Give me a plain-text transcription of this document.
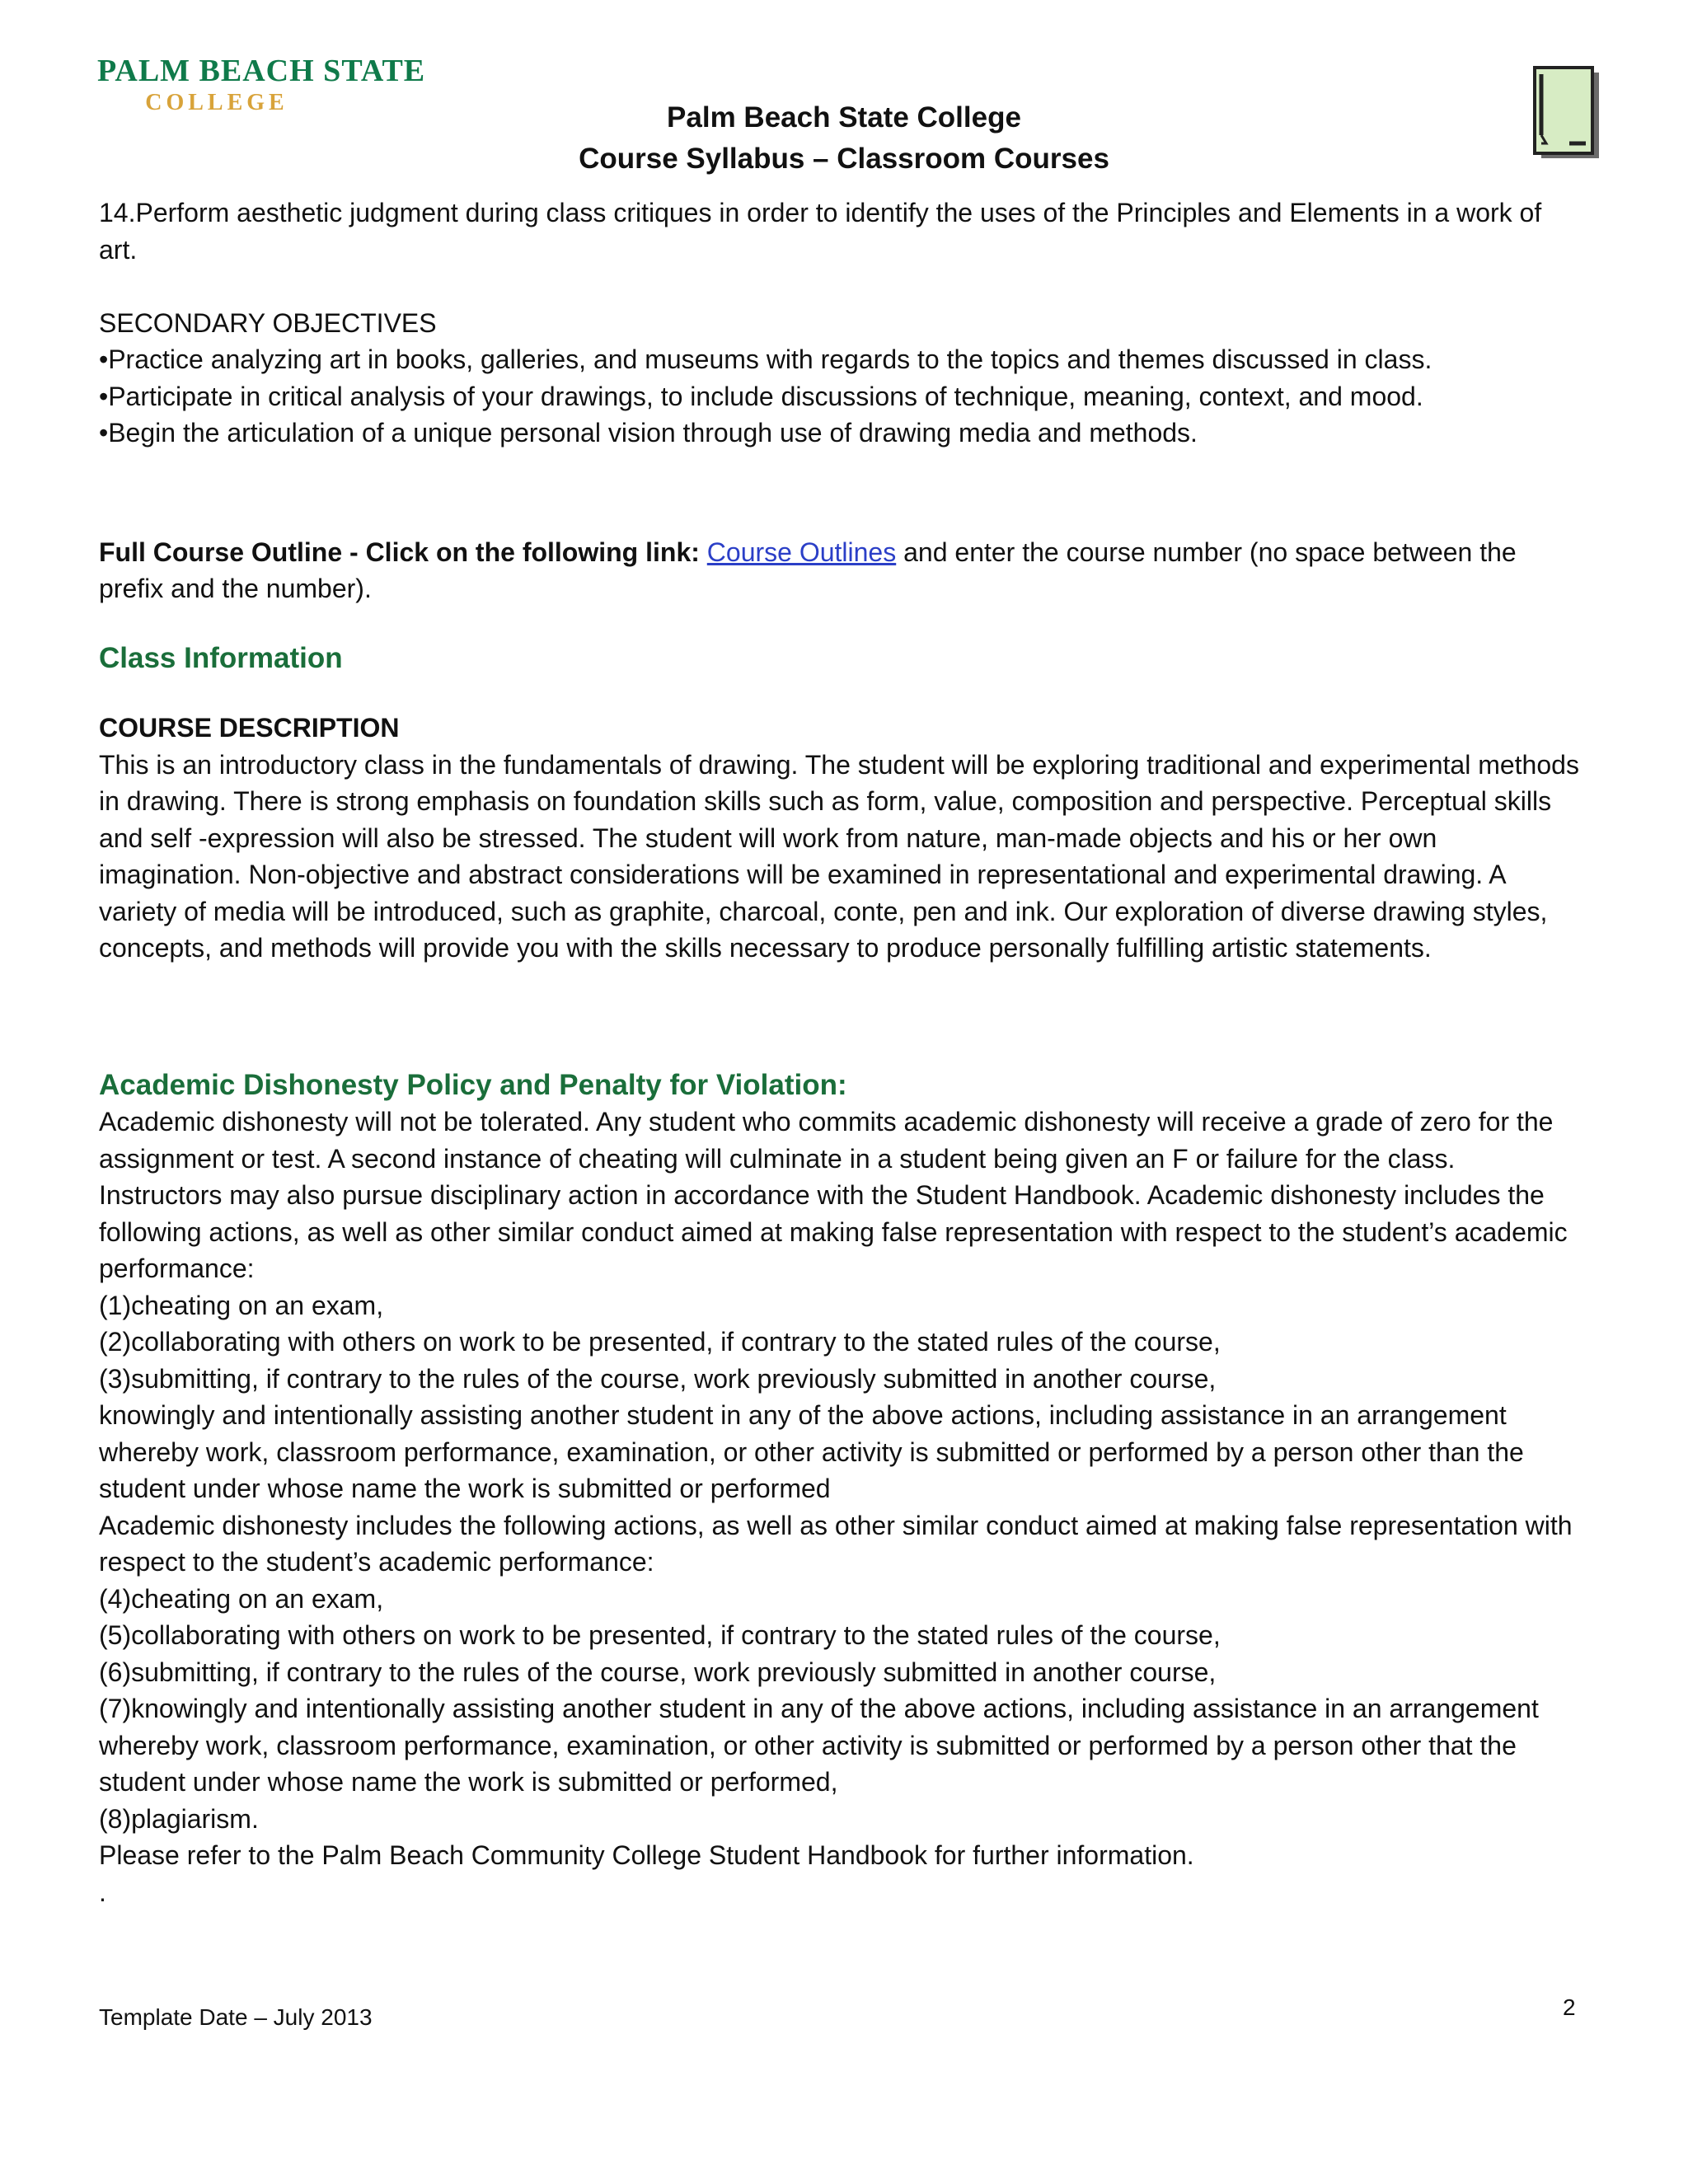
PALM BEACH STATE
COLLEGE	Palm Beach State College
Course Syllabus – Classroom Courses

14.Perform aesthetic judgment during class critiques in order to identify the uses of the Principles and Elements in a work of art.

SECONDARY OBJECTIVES

•Practice analyzing art in books, galleries, and museums with regards to the topics and themes discussed in class.

•Participate in critical analysis of your drawings, to include discussions of technique, meaning, context, and mood.

•Begin the articulation of a unique personal vision through use of drawing media and methods.

Full Course Outline - Click on the following link: Course Outlines and enter the course number (no space between the prefix and the number).

Class Information

COURSE DESCRIPTION

This is an introductory class in the fundamentals of drawing. The student will be exploring traditional and experimental methods in drawing. There is strong emphasis on foundation skills such as form, value, composition and perspective. Perceptual skills and self -expression will also be stressed. The student will work from nature, man-made objects and his or her own imagination. Non-objective and abstract considerations will be examined in representational and experimental drawing. A variety of media will be introduced, such as graphite, charcoal, conte, pen and ink. Our exploration of diverse drawing styles, concepts, and methods will provide you with the skills necessary to produce personally fulfilling artistic statements.

Academic Dishonesty Policy and Penalty for Violation:

Academic dishonesty will not be tolerated. Any student who commits academic dishonesty will receive a grade of zero for the assignment or test. A second instance of cheating will culminate in a student being given an F or failure for the class. Instructors may also pursue disciplinary action in accordance with the Student Handbook. Academic dishonesty includes the following actions, as well as other similar conduct aimed at making false representation with respect to the student’s academic performance:

(1)cheating on an exam,

(2)collaborating with others on work to be presented, if contrary to the stated rules of the course,

(3)submitting, if contrary to the rules of the course, work previously submitted in another course,

knowingly and intentionally assisting another student in any of the above actions, including assistance in an arrangement whereby work, classroom performance, examination, or other activity is submitted or performed by a person other than the student under whose name the work is submitted or performed

Academic dishonesty includes the following actions, as well as other similar conduct aimed at making false representation with respect to the student’s academic performance:

(4)cheating on an exam,

(5)collaborating with others on work to be presented, if contrary to the stated rules of the course,

(6)submitting, if contrary to the rules of the course, work previously submitted in another course,

(7)knowingly and intentionally assisting another student in any of the above actions, including assistance in an arrangement whereby work, classroom performance, examination, or other activity is submitted or performed by a person other that the student under whose name the work is submitted or performed,

(8)plagiarism.

Please refer to the Palm Beach Community College Student Handbook for further information.

.

Template Date – July 2013	2
